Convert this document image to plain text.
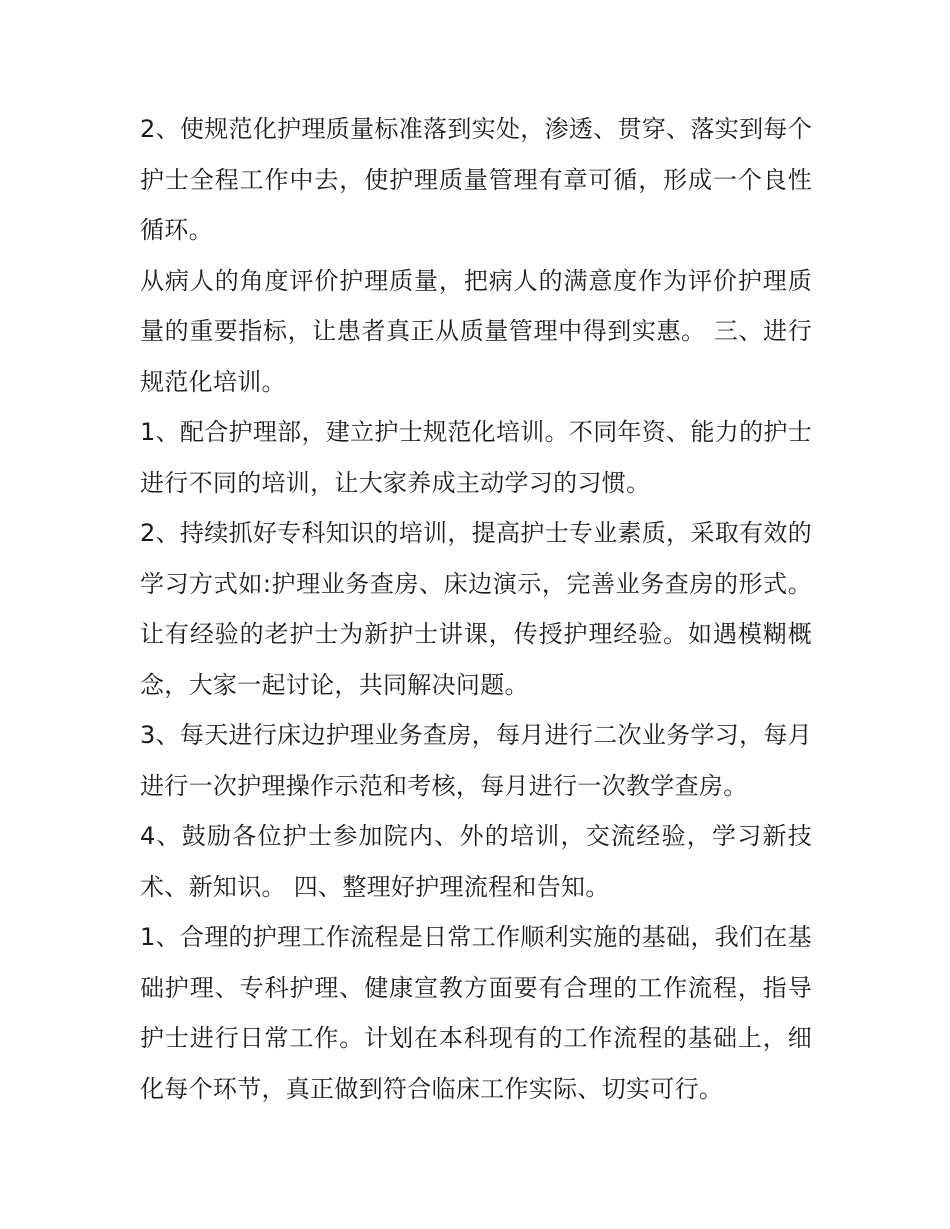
2、使规范化护理质量标准落到实处，渗透、贯穿、落实到每个护士全程工作中去，使护理质量管理有章可循，形成一个良性循环。

从病人的角度评价护理质量，把病人的满意度作为评价护理质量的重要指标，让患者真正从质量管理中得到实惠。 三、进行规范化培训。

1、配合护理部，建立护士规范化培训。不同年资、能力的护士进行不同的培训，让大家养成主动学习的习惯。

2、持续抓好专科知识的培训，提高护士专业素质，采取有效的学习方式如:护理业务查房、床边演示，完善业务查房的形式。让有经验的老护士为新护士讲课，传授护理经验。如遇模糊概念，大家一起讨论，共同解决问题。

3、每天进行床边护理业务查房，每月进行二次业务学习，每月进行一次护理操作示范和考核，每月进行一次教学查房。

4、鼓励各位护士参加院内、外的培训，交流经验，学习新技术、新知识。 四、整理好护理流程和告知。

1、合理的护理工作流程是日常工作顺利实施的基础，我们在基础护理、专科护理、健康宣教方面要有合理的工作流程，指导护士进行日常工作。计划在本科现有的工作流程的基础上，细化每个环节，真正做到符合临床工作实际、切实可行。
